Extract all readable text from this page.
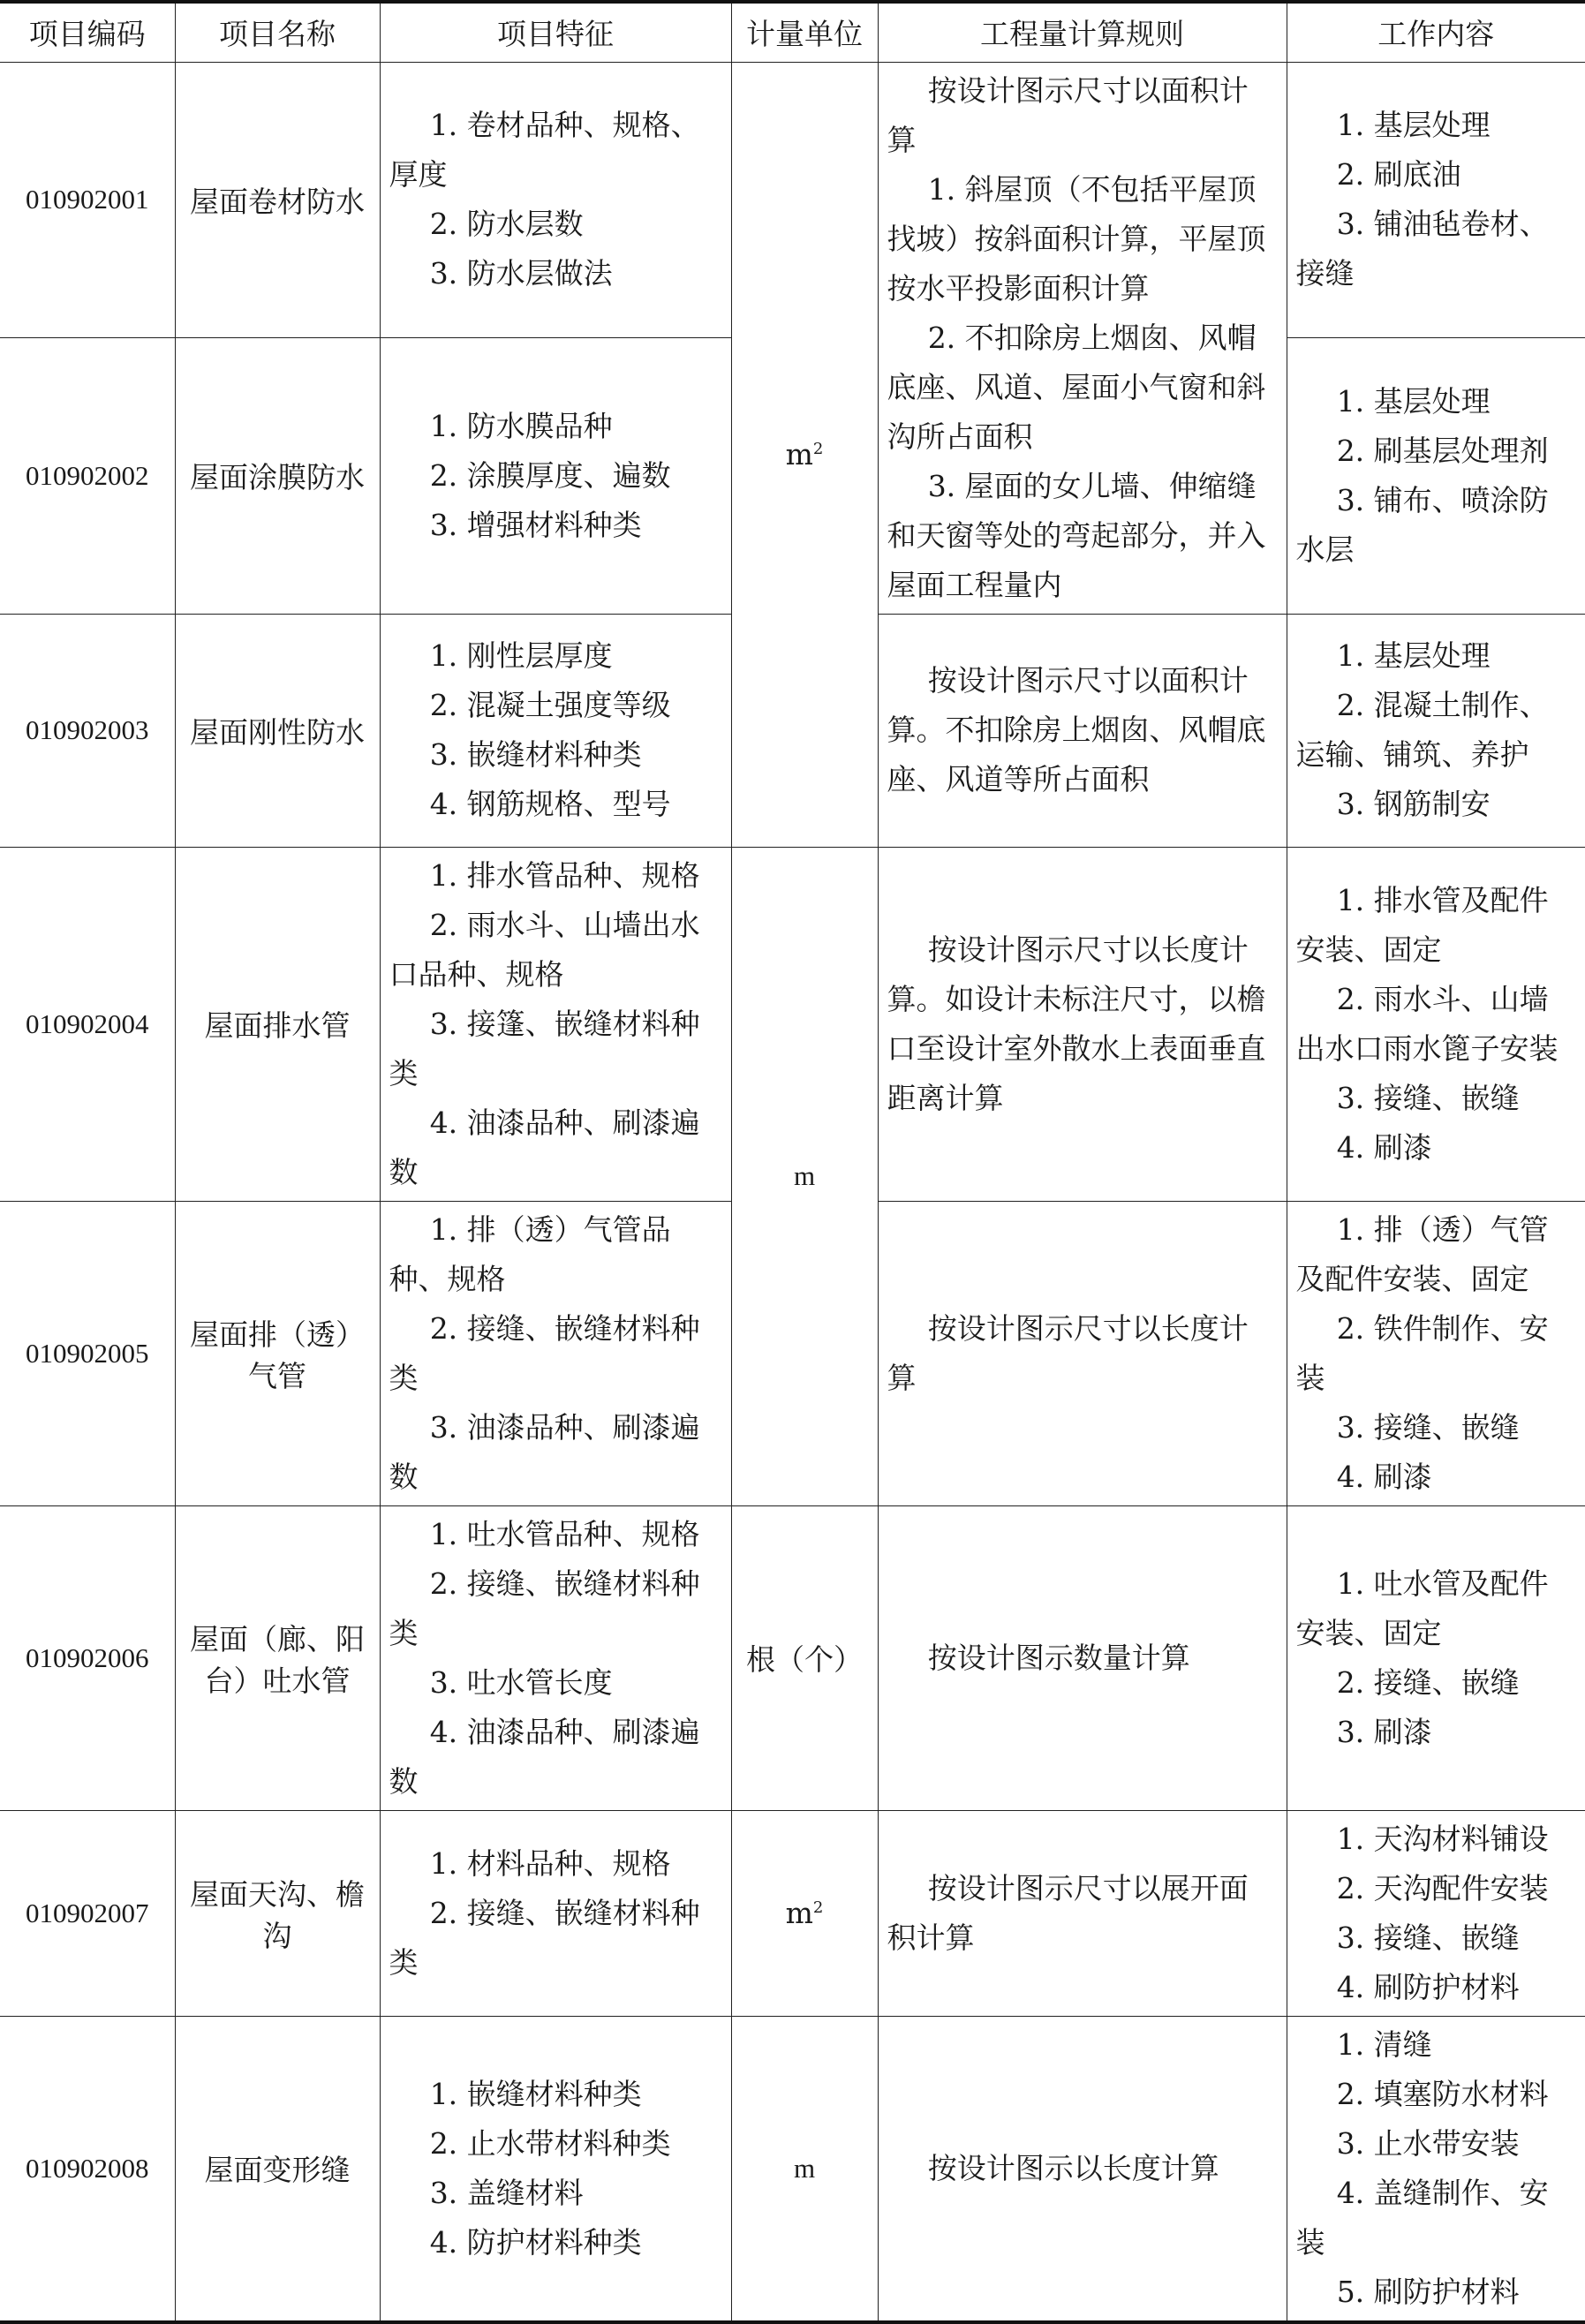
项目编码	项目名称	项目特征	计量单位	工程量计算规则	工作内容
010902001	屋面卷材防水	1. 卷材品种、规格、厚度
2. 防水层数
3. 防水层做法	$m^2$	按设计图示尺寸以面积计算
1. 斜屋顶（不包括平屋顶找坡）按斜面积计算，平屋顶按水平投影面积计算
2. 不扣除房上烟囱、风帽底座、风道、屋面小气窗和斜沟所占面积
3. 屋面的女儿墙、伸缩缝和天窗等处的弯起部分，并入屋面工程量内	1. 基层处理
2. 刷底油
3. 铺油毡卷材、接缝

010902002	屋面涂膜防水	1. 防水膜品种
2. 涂膜厚度、遍数
3. 增强材料种类			1. 基层处理
2. 刷基层处理剂
3. 铺布、喷涂防水层

010902003	屋面刚性防水	1. 刚性层厚度
2. 混凝土强度等级
3. 嵌缝材料种类
4. 钢筋规格、型号		按设计图示尺寸以面积计算。不扣除房上烟囱、风帽底座、风道等所占面积	1. 基层处理
2. 混凝土制作、运输、铺筑、养护
3. 钢筋制安

010902004	屋面排水管	1. 排水管品种、规格
2. 雨水斗、山墙出水口品种、规格
3. 接篷、嵌缝材料种类
4. 油漆品种、刷漆遍数	m	按设计图示尺寸以长度计算。如设计未标注尺寸，以檐口至设计室外散水上表面垂直距离计算	1. 排水管及配件安装、固定
2. 雨水斗、山墙出水口雨水篦子安装
3. 接缝、嵌缝
4. 刷漆

010902005	屋面排（透）气管	1. 排（透）气管品种、规格
2. 接缝、嵌缝材料种类
3. 油漆品种、刷漆遍数		按设计图示尺寸以长度计算	1. 排（透）气管及配件安装、固定
2. 铁件制作、安装
3. 接缝、嵌缝
4. 刷漆

010902006	屋面（廊、阳台）吐水管	1. 吐水管品种、规格
2. 接缝、嵌缝材料种类
3. 吐水管长度
4. 油漆品种、刷漆遍数	根（个）	按设计图示数量计算	1. 吐水管及配件安装、固定
2. 接缝、嵌缝
3. 刷漆

010902007	屋面天沟、檐沟	1. 材料品种、规格
2. 接缝、嵌缝材料种类	$m^2$	按设计图示尺寸以展开面积计算	1. 天沟材料铺设
2. 天沟配件安装
3. 接缝、嵌缝
4. 刷防护材料

010902008	屋面变形缝	1. 嵌缝材料种类
2. 止水带材料种类
3. 盖缝材料
4. 防护材料种类	m	按设计图示以长度计算	1. 清缝
2. 填塞防水材料
3. 止水带安装
4. 盖缝制作、安装
5. 刷防护材料
